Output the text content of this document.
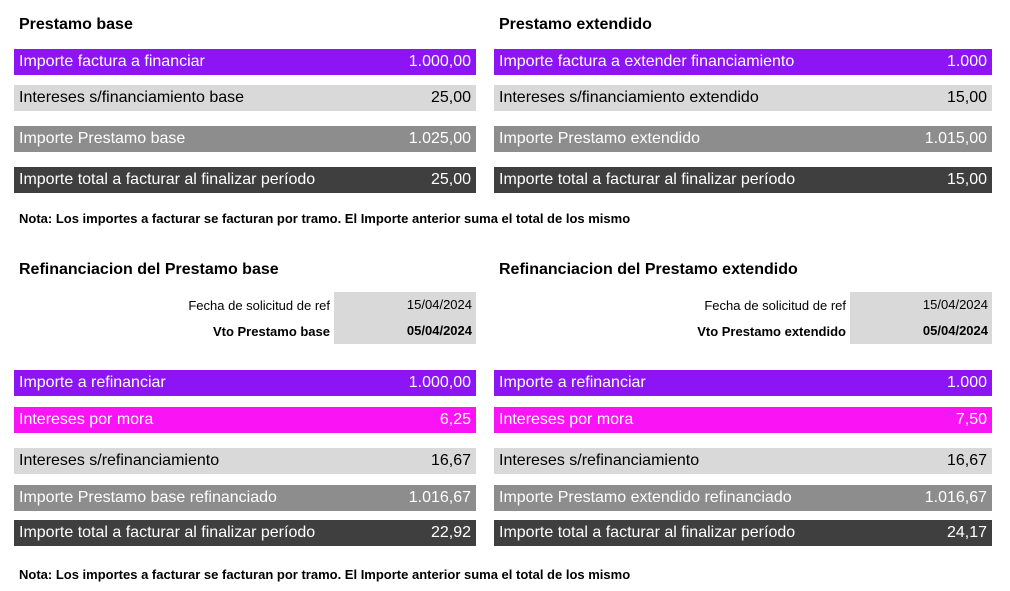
Prestamo base
Importe factura a financiar	1.000,00
Intereses s/financiamiento base	25,00
Importe Prestamo base	1.025,00
Importe total a facturar al finalizar período	25,00
Prestamo extendido
Importe factura a extender financiamiento	1.000
Intereses s/financiamiento extendido	15,00
Importe Prestamo extendido	1.015,00
Importe total a facturar al finalizar período	15,00
Nota: Los importes a facturar se facturan por tramo. El Importe anterior suma el total de los mismo
Refinanciacion del Prestamo base
Fecha de solicitud de ref	15/04/2024
Vto Prestamo base	05/04/2024
Importe a refinanciar	1.000,00
Intereses por mora	6,25
Intereses s/refinanciamiento	16,67
Importe Prestamo base refinanciado	1.016,67
Importe total a facturar al finalizar período	22,92
Refinanciacion del Prestamo extendido
Fecha de solicitud de ref	15/04/2024
Vto Prestamo extendido	05/04/2024
Importe a refinanciar	1.000
Intereses por mora	7,50
Intereses s/refinanciamiento	16,67
Importe Prestamo extendido refinanciado	1.016,67
Importe total a facturar al finalizar período	24,17
Nota: Los importes a facturar se facturan por tramo. El Importe anterior suma el total de los mismo
